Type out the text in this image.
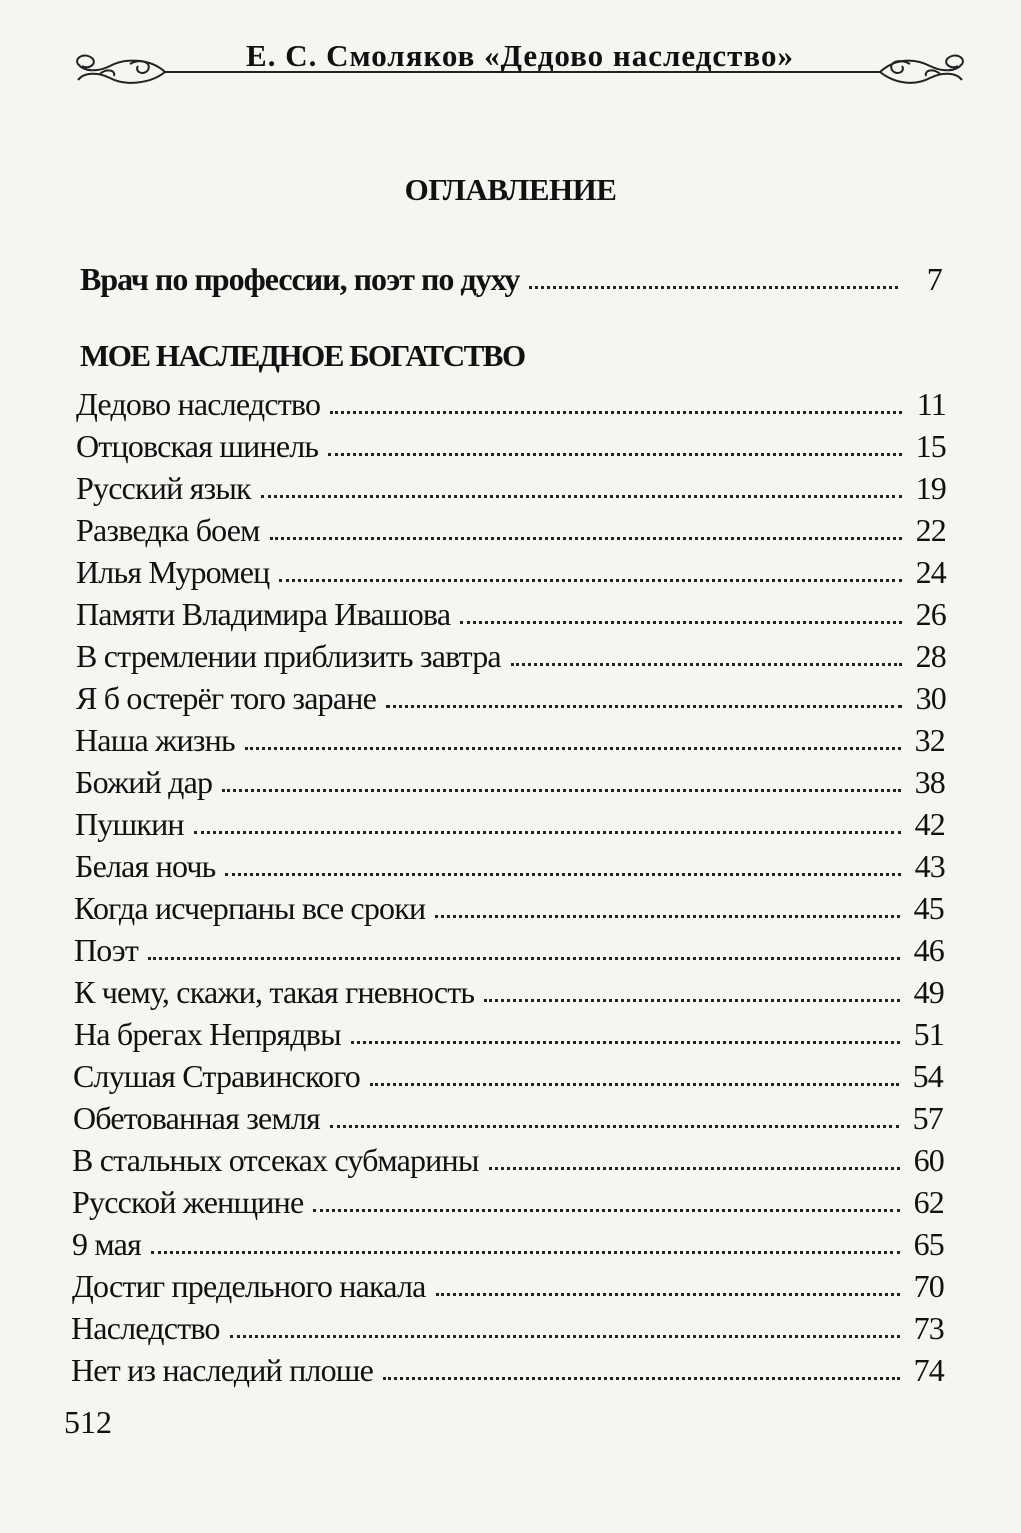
Е. С. Смоляков «Дедово наследство»
ОГЛАВЛЕНИЕ
Врач по профессии, поэт по духу	7
МОЕ НАСЛЕДНОЕ БОГАТСТВО
Дедово наследство	11
Отцовская шинель	15
Русский язык	19
Разведка боем	22
Илья Муромец	24
Памяти Владимира Ивашова	26
В стремлении приблизить завтра	28
Я б остерёг того заране	30
Наша жизнь	32
Божий дар	38
Пушкин	42
Белая ночь	43
Когда исчерпаны все сроки	45
Поэт	46
К чему, скажи, такая гневность	49
На брегах Непрядвы	51
Слушая Стравинского	54
Обетованная земля	57
В стальных отсеках субмарины	60
Русской женщине	62
9 мая	65
Достиг предельного накала	70
Наследство	73
Нет из наследий плоше	74
512
